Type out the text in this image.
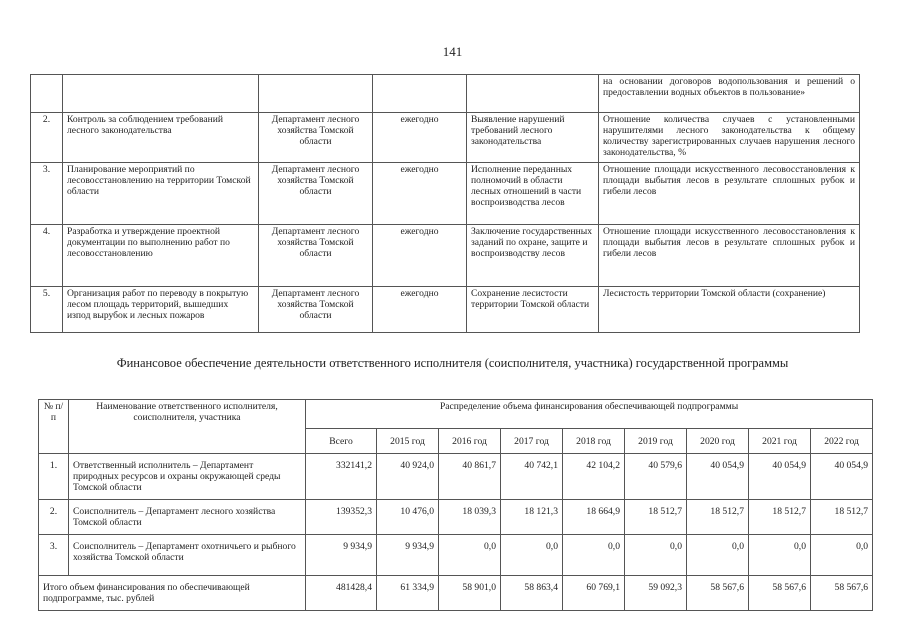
141
					на основании договоров водопользования и решений о предоставлении водных объектов в пользование»
2.	Контроль за соблюдением требований лесного законодательства	Департамент лесного хозяйства Томской области	ежегодно	Выявление нарушений требований лесного законодательства	Отношение количества случаев с установленными нарушителями лесного законодательства к общему количеству зарегистрированных случаев нарушения лесного законодательства, %
3.	Планирование мероприятий по лесовосстановлению на территории Томской области	Департамент лесного хозяйства Томской области	ежегодно	Исполнение переданных полномочий в области лесных отношений в части воспроизводства лесов	Отношение площади искусственного лесовосстановления к площади выбытия лесов в результате сплошных рубок и гибели лесов
4.	Разработка и утверждение проектной документации по выполнению работ по лесовосстановлению	Департамент лесного хозяйства Томской области	ежегодно	Заключение государственных заданий по охране, защите и воспроизводству лесов	Отношение площади искусственного лесовосстановления к площади выбытия лесов в результате сплошных рубок и гибели лесов
5.	Организация работ по переводу в покрытую лесом площадь территорий, вышедших изпод вырубок и лесных пожаров	Департамент лесного хозяйства Томской области	ежегодно	Сохранение лесистости территории Томской области	Лесистость территории Томской области (сохранение)
Финансовое обеспечение деятельности ответственного исполнителя (соисполнителя, участника) государственной программы
№ п/п	Наименование ответственного исполнителя, соисполнителя, участника	Распределение объема финансирования обеспечивающей подпрограммы								
		Всего	2015 год	2016 год	2017 год	2018 год	2019 год	2020 год	2021 год	2022 год
1.	Ответственный исполнитель – Департамент природных ресурсов и охраны окружающей среды Томской области	332141,2	40 924,0	40 861,7	40 742,1	42 104,2	40 579,6	40 054,9	40 054,9	40 054,9
2.	Соисполнитель – Департамент лесного хозяйства Томской области	139352,3	10 476,0	18 039,3	18 121,3	18 664,9	18 512,7	18 512,7	18 512,7	18 512,7
3.	Соисполнитель – Департамент охотничьего и рыбного хозяйства Томской области	9 934,9	9 934,9	0,0	0,0	0,0	0,0	0,0	0,0	0,0
Итого объем финансирования по обеспечивающей подпрограмме, тыс. рублей		481428,4	61 334,9	58 901,0	58 863,4	60 769,1	59 092,3	58 567,6	58 567,6	58 567,6
